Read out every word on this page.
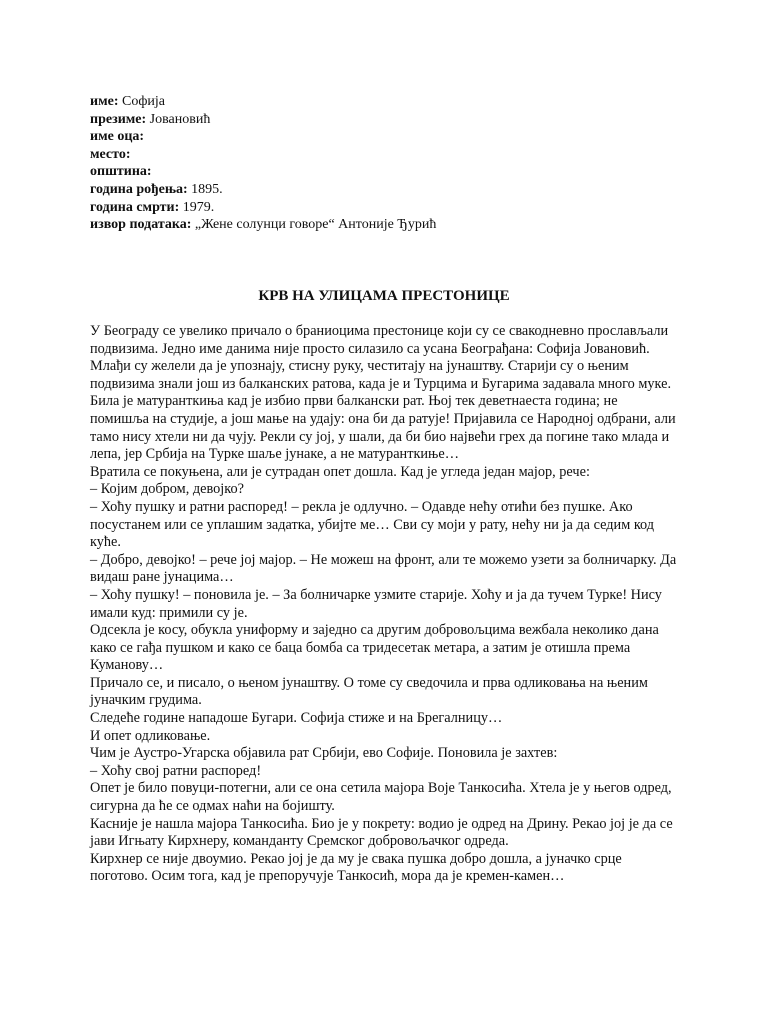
име: Софија
презиме: Јовановић
име оца:
место:
општина:
година рођења: 1895.
година смрти: 1979.
извор података: „Жене солунци говоре“ Антоније Ђурић
КРВ НА УЛИЦАМА ПРЕСТОНИЦЕ

У Београду се увелико причало о браниоцима престонице који су се свакодневно прослављали подвизима. Једно име данима није просто силазило са усана Београђана: Софија Јовановић.

Млађи су желели да је упознају, стисну руку, честитају на јунаштву. Старији су о њеним подвизима знали још из балканских ратова, када је и Турцима и Бугарима задавала много муке.

Била је матуранткиња кад је избио први балкански рат. Њој тек деветнаеста година; не помишља на студије, а још мање на удају: она би да ратује! Пријавила се Народној одбрани, али тамо нису хтели ни да чују. Рекли су јој, у шали, да би био највећи грех да погине тако млада и лепа, јер Србија на Турке шаље јунаке, а не матуранткиње…

Вратила се покуњена, али је сутрадан опет дошла. Кад је угледа један мајор, рече:

– Којим добром, девојко?

– Хоћу пушку и ратни распоред! – рекла је одлучно. – Одавде нећу отићи без пушке. Ако посустанем или се уплашим задатка, убијте ме… Сви су моји у рату, нећу ни ја да седим код куће.

– Добро, девојко! – рече јој мајор. – Не можеш на фронт, али те можемо узети за болничарку. Да видаш ране јунацима…

– Хоћу пушку! – поновила је. – За болничарке узмите старије. Хоћу и ја да тучем Турке! Нису имали куд: примили су је.

Одсекла је косу, обукла униформу и заједно са другим добровољцима вежбала неколико дана како се гађа пушком и како се баца бомба са тридесетак метара, а затим је отишла према Куманову…

Причало се, и писало, о њеном јунаштву. О томе су сведочила и прва одликовања на њеним јуначким грудима.

Следеће године нападоше Бугари. Софија стиже и на Брегалницу…

И опет одликовање.

Чим је Аустро-Угарска објавила рат Србији, ево Софије. Поновила је захтев:

– Хоћу свој ратни распоред!

Опет је било повуци-потегни, али се она сетила мајора Воје Танкосића. Хтела је у његов одред, сигурна да ће се одмах наћи на бојишту.

Касније је нашла мајора Танкосића. Био је у покрету: водио је одред на Дрину. Рекао јој је да се јави Игњату Кирхнеру, команданту Сремског добровољачког одреда.

Кирхнер се није двоумио. Рекао јој је да му је свака пушка добро дошла, а јуначко срце поготово. Осим тога, кад је препоручује Танкосић, мора да је кремен-камен…
